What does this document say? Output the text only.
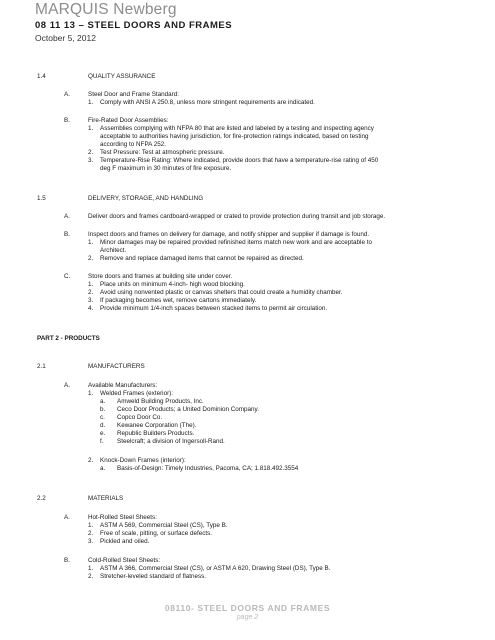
MARQUIS Newberg
08 11 13 – STEEL DOORS AND FRAMES
October 5, 2012
1.4	QUALITY ASSURANCE
A.	Steel Door and Frame Standard:
1. Comply with ANSI A 250.8, unless more stringent requirements are indicated.
B.	Fire-Rated Door Assemblies:
1. Assemblies complying with NFPA 80 that are listed and labeled by a testing and inspecting agency
acceptable to authorities having jurisdiction, for fire-protection ratings indicated, based on testing
according to NFPA 252.
2. Test Pressure: Test at atmospheric pressure.
3. Temperature-Rise Rating: Where indicated, provide doors that have a temperature-rise rating of 450
deg F maximum in 30 minutes of fire exposure.
1.5	DELIVERY, STORAGE, AND HANDLING
A.	Deliver doors and frames cardboard-wrapped or crated to provide protection during transit and job storage.
B.	Inspect doors and frames on delivery for damage, and notify shipper and supplier if damage is found.
1. Minor damages may be repaired provided refinished items match new work and are acceptable to
Architect.
2. Remove and replace damaged items that cannot be repaired as directed.
C.	Store doors and frames at building site under cover.
1. Place units on minimum 4-inch- high wood blocking.
2. Avoid using nonvented plastic or canvas shelters that could create a humidity chamber.
3. If packaging becomes wet, remove cartons immediately.
4. Provide minimum 1/4-inch spaces between stacked items to permit air circulation.
PART 2 - PRODUCTS
2.1	MANUFACTURERS
A.	Available Manufacturers:
1. Welded Frames (exterior):
a. Amweld Building Products, Inc.
b. Ceco Door Products; a United Dominion Company.
c. Copco Door Co.
d. Kewanee Corporation (The).
e. Republic Builders Products.
f. Steelcraft; a division of Ingersoll-Rand.
2. Knock-Down Frames (interior):
a. Basis-of-Design: Timely Industries, Pacoma, CA; 1.818.492.3554
2.2	MATERIALS
A.	Hot-Rolled Steel Sheets:
1. ASTM A 569, Commercial Steel (CS), Type B.
2. Free of scale, pitting, or surface defects.
3. Pickled and oiled.
B.	Cold-Rolled Steel Sheets:
1. ASTM A 366, Commercial Steel (CS), or ASTM A 620, Drawing Steel (DS), Type B.
2. Stretcher-leveled standard of flatness.
08110- STEEL DOORS AND FRAMES
page 2
